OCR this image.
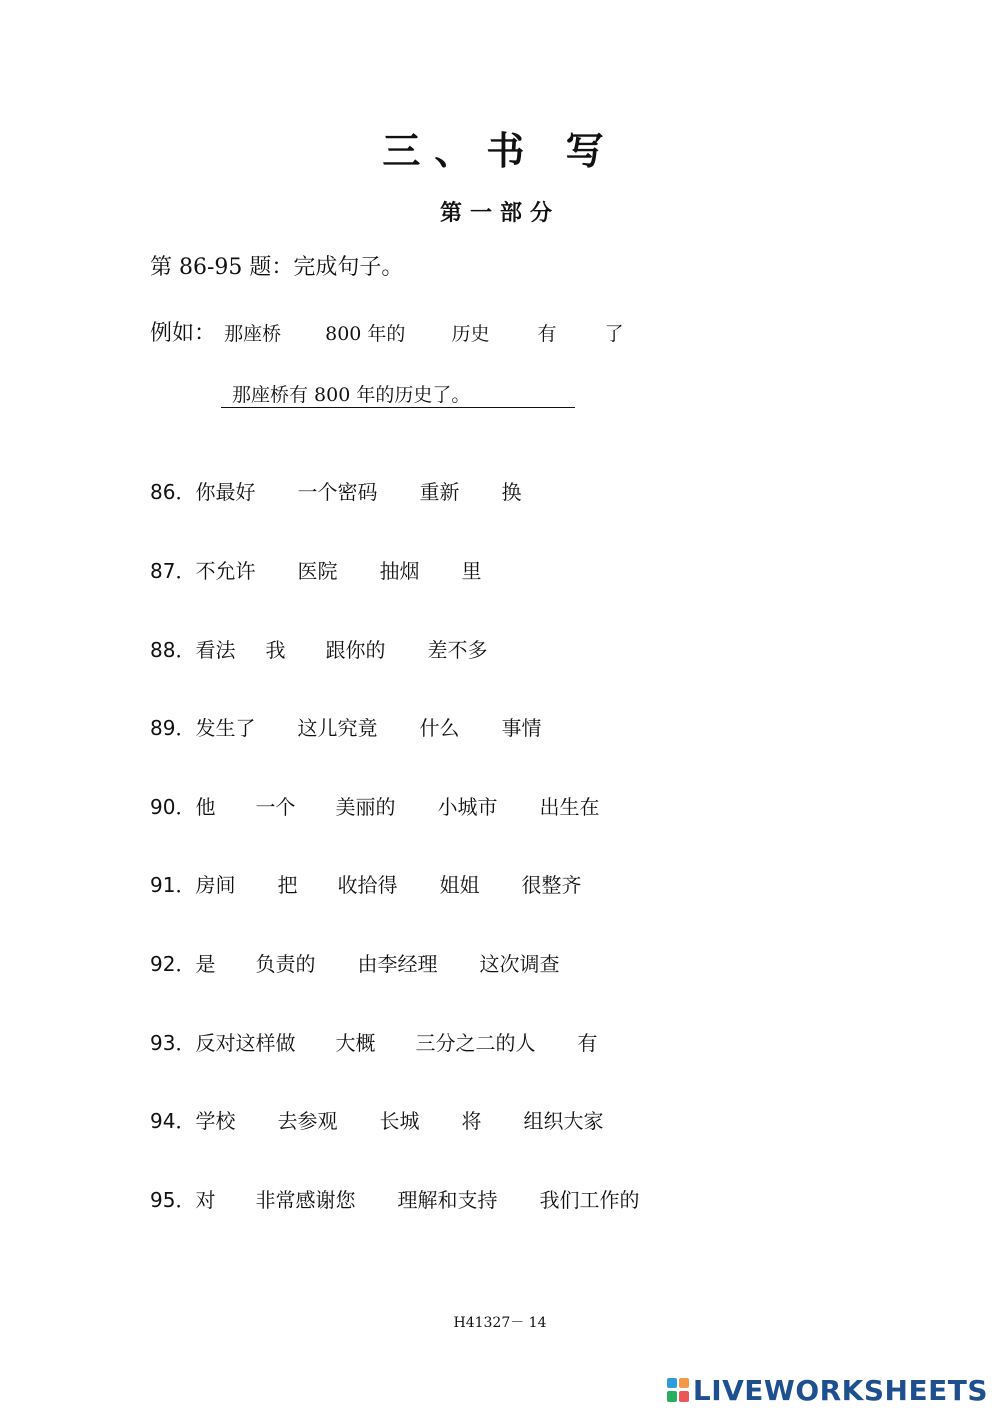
三、书 写
第一部分
第 86-95 题：完成句子。
例如： 那座桥 800 年的 历史	有	了
那座桥有 800 年的历史了。
86．你最好 一个密码 重新 换
87．不允许 医院 抽烟 里
88．看法 我 跟你的 差不多
89．发生了 这儿究竟 什么 事情
90．他 一个 美丽的 小城市 出生在
91．房间 把 收拾得 姐姐 很整齐
92．是 负责的 由李经理 这次调查
93．反对这样做 大概 三分之二的人 有
94．学校 去参观 长城 将 组织大家
95．对 非常感谢您 理解和支持 我们工作的
H41327－ 14
LIVEWORKSHEETS
